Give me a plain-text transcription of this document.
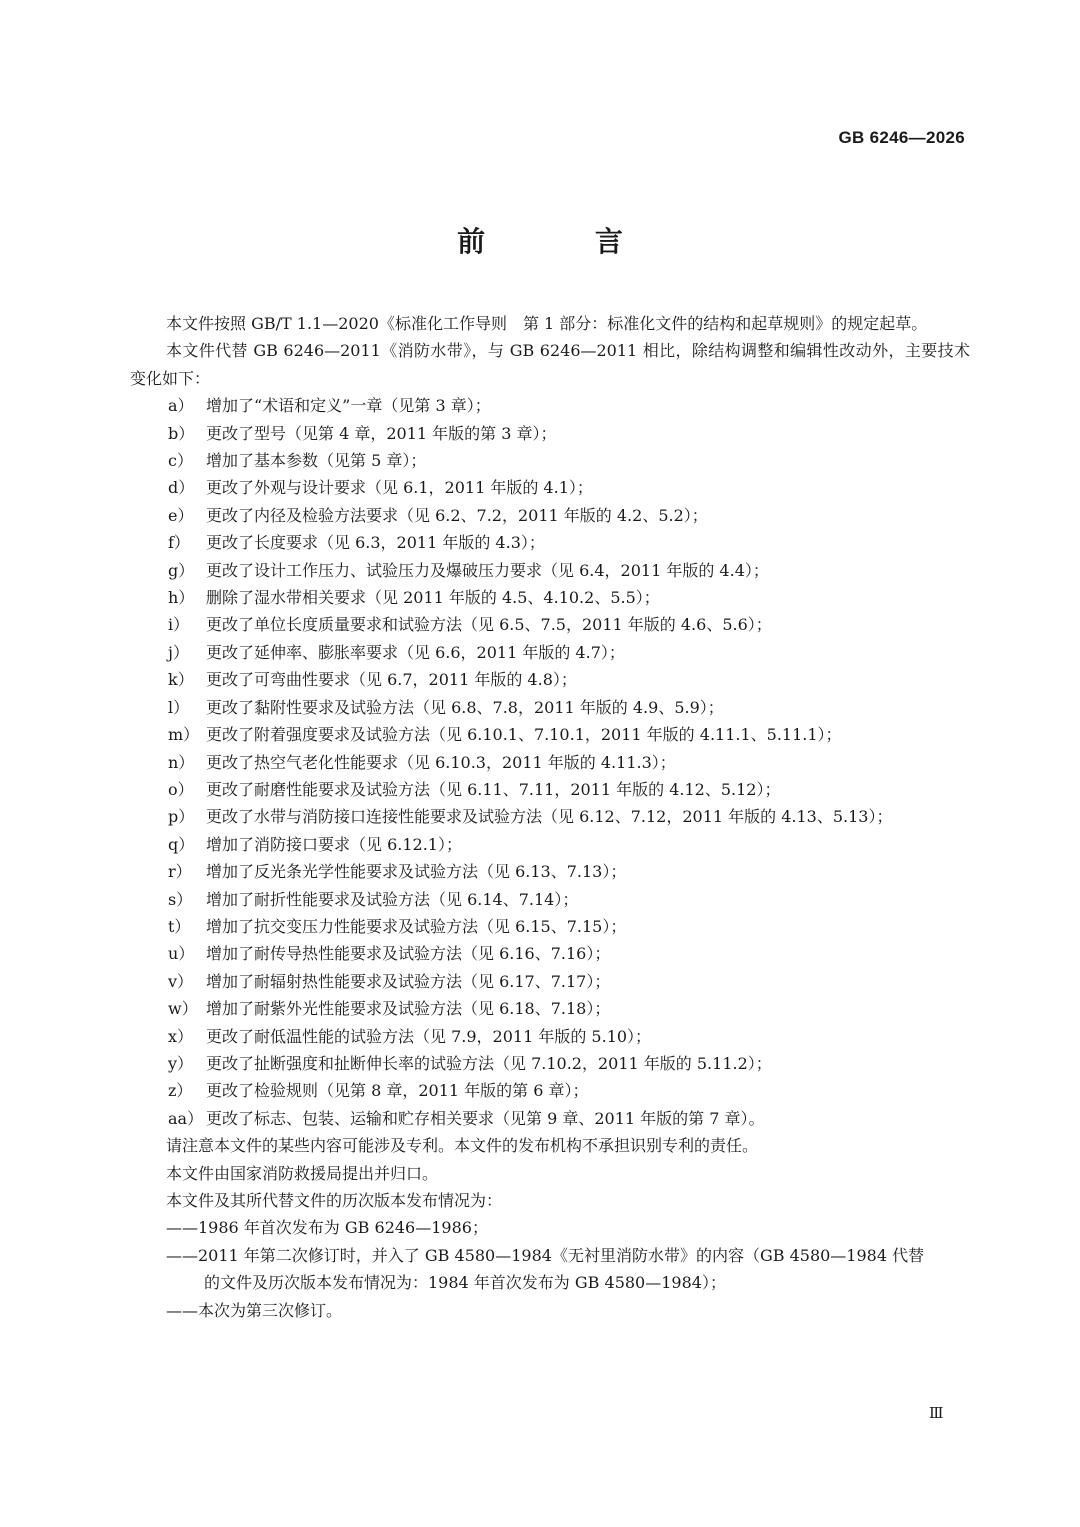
GB 6246—2026
前 言

本文件按照 GB/T 1.1—2020《标准化工作导则　第 1 部分：标准化文件的结构和起草规则》的规定起草。

本文件代替 GB 6246—2011《消防水带》，与 GB 6246—2011 相比，除结构调整和编辑性改动外，主要技术变化如下：

a） 增加了“术语和定义”一章（见第 3 章）；

b） 更改了型号（见第 4 章，2011 年版的第 3 章）；

c） 增加了基本参数（见第 5 章）；

d） 更改了外观与设计要求（见 6.1，2011 年版的 4.1）；

e） 更改了内径及检验方法要求（见 6.2、7.2，2011 年版的 4.2、5.2）；

f） 更改了长度要求（见 6.3，2011 年版的 4.3）；

g） 更改了设计工作压力、试验压力及爆破压力要求（见 6.4，2011 年版的 4.4）；

h） 删除了湿水带相关要求（见 2011 年版的 4.5、4.10.2、5.5）；

i） 更改了单位长度质量要求和试验方法（见 6.5、7.5，2011 年版的 4.6、5.6）；

j） 更改了延伸率、膨胀率要求（见 6.6，2011 年版的 4.7）；

k） 更改了可弯曲性要求（见 6.7，2011 年版的 4.8）；

l） 更改了黏附性要求及试验方法（见 6.8、7.8，2011 年版的 4.9、5.9）；

m） 更改了附着强度要求及试验方法（见 6.10.1、7.10.1，2011 年版的 4.11.1、5.11.1）；

n） 更改了热空气老化性能要求（见 6.10.3，2011 年版的 4.11.3）；

o） 更改了耐磨性能要求及试验方法（见 6.11、7.11，2011 年版的 4.12、5.12）；

p） 更改了水带与消防接口连接性能要求及试验方法（见 6.12、7.12，2011 年版的 4.13、5.13）；

q） 增加了消防接口要求（见 6.12.1）；

r） 增加了反光条光学性能要求及试验方法（见 6.13、7.13）；

s） 增加了耐折性能要求及试验方法（见 6.14、7.14）；

t） 增加了抗交变压力性能要求及试验方法（见 6.15、7.15）；

u） 增加了耐传导热性能要求及试验方法（见 6.16、7.16）；

v） 增加了耐辐射热性能要求及试验方法（见 6.17、7.17）；

w） 增加了耐紫外光性能要求及试验方法（见 6.18、7.18）；

x） 更改了耐低温性能的试验方法（见 7.9，2011 年版的 5.10）；

y） 更改了扯断强度和扯断伸长率的试验方法（见 7.10.2，2011 年版的 5.11.2）；

z） 更改了检验规则（见第 8 章，2011 年版的第 6 章）；

aa） 更改了标志、包装、运输和贮存相关要求（见第 9 章、2011 年版的第 7 章）。

请注意本文件的某些内容可能涉及专利。本文件的发布机构不承担识别专利的责任。

本文件由国家消防救援局提出并归口。

本文件及其所代替文件的历次版本发布情况为：

——1986 年首次发布为 GB 6246—1986；

——2011 年第二次修订时，并入了 GB 4580—1984《无衬里消防水带》的内容（GB 4580—1984 代替
的文件及历次版本发布情况为：1984 年首次发布为 GB 4580—1984）；

——本次为第三次修订。

Ⅲ
